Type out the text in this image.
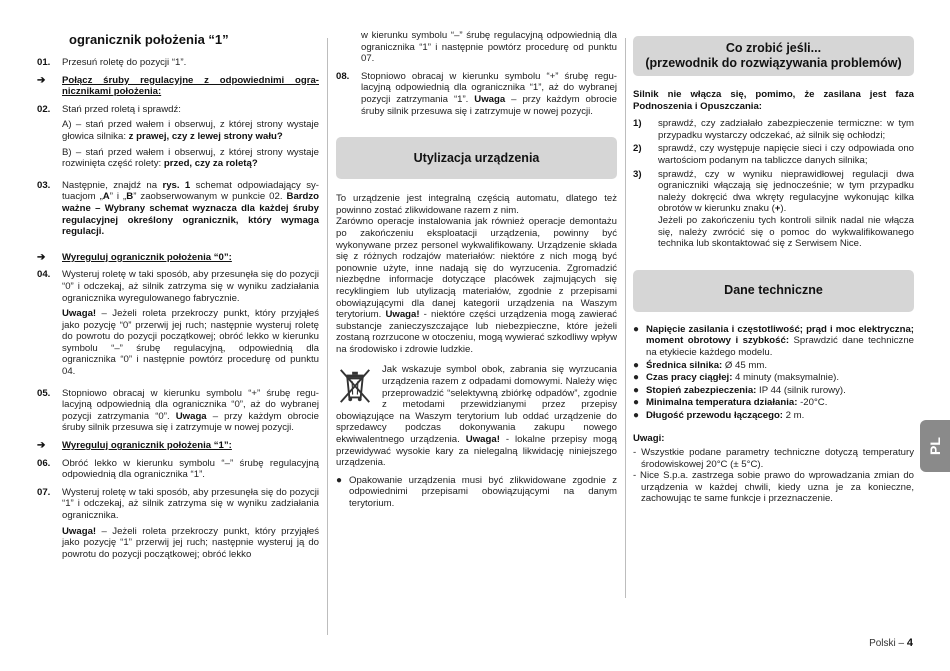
ogranicznik położenia “1”
01.	Przesuń roletę do pozycji “1”.
➔	Połącz śruby regulacyjne z odpowiednimi ogranicznikami położenia:
02.	Stań przed roletą i sprawdź:

A) – stań przed wałem i obserwuj, z której strony wystaje głowica silnika: z prawej, czy z lewej strony wału?

B) – stań przed wałem i obserwuj, z której strony wystaje rozwinięta część rolety: przed, czy za roletą?

03.	Następnie, znajdź na rys. 1 schemat odpowiadający sytuacjom „A” i „B” zaobserwowanym w punkcie 02. Bardzo ważne – Wybrany schemat wyznacza dla każdej śruby regulacyjnej określony ogranicznik, który wymaga regulacji.
➔	Wyreguluj ogranicznik położenia “0”:
04.	Wysteruj roletę w taki sposób, aby przesunęła się do pozycji “0” i odczekaj, aż silnik zatrzyma się w wyniku zadziałania ogranicznika wyregulowanego fabrycznie.

Uwaga! – Jeżeli roleta przekroczy punkt, który przyjąłeś jako pozycję “0” przerwij jej ruch; następnie wysteruj roletę do powrotu do pozycji początkowej; obróć lekko w kierunku symbolu “–” śrubę regulacyjną, odpowiednią dla ogranicznika “0” i następnie powtórz procedurę od punktu 04.

05.	Stopniowo obracaj w kierunku symbolu “+” śrubę regulacyjną odpowiednią dla ogranicznika “0”, aż do wybranej pozycji zatrzymania “0”. Uwaga – przy każdym obrocie śruby silnik przesuwa się i zatrzymuje w nowej pozycji.
➔	Wyreguluj ogranicznik położenia “1”:
06.	Obróć lekko w kierunku symbolu “–” śrubę regulacyjną odpowiednią dla ogranicznika “1”.
07.	Wysteruj roletę w taki sposób, aby przesunęła się do pozycji “1” i odczekaj, aż silnik zatrzyma się w wyniku zadziałania ogranicznika.

Uwaga! – Jeżeli roleta przekroczy punkt, który przyjąłeś jako pozycję “1” przerwij jej ruch; następnie wysteruj ją do powrotu do pozycji początkowej; obróć lekko

w kierunku symbolu “–” śrubę regulacyjną odpowiednią dla ogranicznika “1” i następnie powtórz procedurę od punktu 07.
08.	Stopniowo obracaj w kierunku symbolu “+” śrubę regulacyjną odpowiednią dla ogranicznika “1”, aż do wybranej pozycji zatrzymania “1”. Uwaga – przy każdym obrocie śruby silnik przesuwa się i zatrzymuje w nowej pozycji.
Utylizacja urządzenia

To urządzenie jest integralną częścią automatu, dlatego też powinno zostać zlikwidowane razem z nim.

Zarówno operacje instalowania jak również operacje demontażu po zakończeniu eksploatacji urządzenia, powinny być wykonywane przez personel wykwalifikowany. Urządzenie składa się z różnych rodzajów materiałów: niektóre z nich mogą być ponownie użyte, inne nadają się do wyrzucenia. Zgromadzić niezbędne informacje dotyczące placówek zajmujących się recyklingiem lub utylizacją materiałów, zgodnie z przepisami obowiązującymi dla danej kategorii urządzenia na Waszym terytorium. Uwaga! - niektóre części urządzenia mogą zawierać substancje zanieczyszczające lub niebezpieczne, które jeżeli zostaną rozrzucone w otoczeniu, mogą wywierać szkodliwy wpływ na środowisko i zdrowie ludzkie.

Jak wskazuje symbol obok, zabrania się wyrzucania urządzenia razem z odpadami domowymi. Należy więc przeprowadzić “selektywną zbiórkę odpadów”, zgodnie z metodami przewidzianymi przez przepisy obowiązujące na Waszym terytorium lub oddać urządzenie do sprzedawcy podczas dokonywania zakupu nowego ekwiwalentnego urządzenia. Uwaga! - lokalne przepisy mogą przewidywać wysokie kary za nielegalną likwidację niniejszego urządzenia.

● Opakowanie urządzenia musi być zlikwidowane zgodnie z odpowiednimi przepisami obowiązującymi na danym terytorium.
Co zrobić jeśli...
(przewodnik do rozwiązywania problemów)

Silnik nie włącza się, pomimo, że zasilana jest faza Podnoszenia i Opuszczania:

1)	sprawdź, czy zadziałało zabezpieczenie termiczne: w tym przypadku wystarczy odczekać, aż silnik się ochłodzi;
2)	sprawdź, czy występuje napięcie sieci i czy odpowiada ono wartościom podanym na tabliczce danych silnika;
3)	sprawdź, czy w wyniku nieprawidłowej regulacji dwa ograniczniki włączają się jednocześnie; w tym przypadku należy dokręcić dwa wkręty regulacyjne wykonując kilka obrotów w kierunku znaku (+).

Jeżeli po zakończeniu tych kontroli silnik nadal nie włącza się, należy zwrócić się o pomoc do wykwalifikowanego technika lub skontaktować się z Serwisem Nice.

Dane techniczne
● Napięcie zasilania i częstotliwość; prąd i moc elektryczna; moment obrotowy i szybkość: Sprawdzić dane techniczne na etykiecie każdego modelu.
● Średnica silnika: Ø 45 mm.
● Czas pracy ciągłej: 4 minuty (maksymalnie).
● Stopień zabezpieczenia: IP 44 (silnik rurowy).
● Minimalna temperatura działania: -20°C.
● Długość przewodu łączącego: 2 m.

Uwagi:

- Wszystkie podane parametry techniczne dotyczą temperatury środowiskowej 20°C (± 5°C).

- Nice S.p.a. zastrzega sobie prawo do wprowadzania zmian do urządzenia w każdej chwili, kiedy uzna je za konieczne, zachowując te same funkcje i przeznaczenie.

PL
Polski – 4
